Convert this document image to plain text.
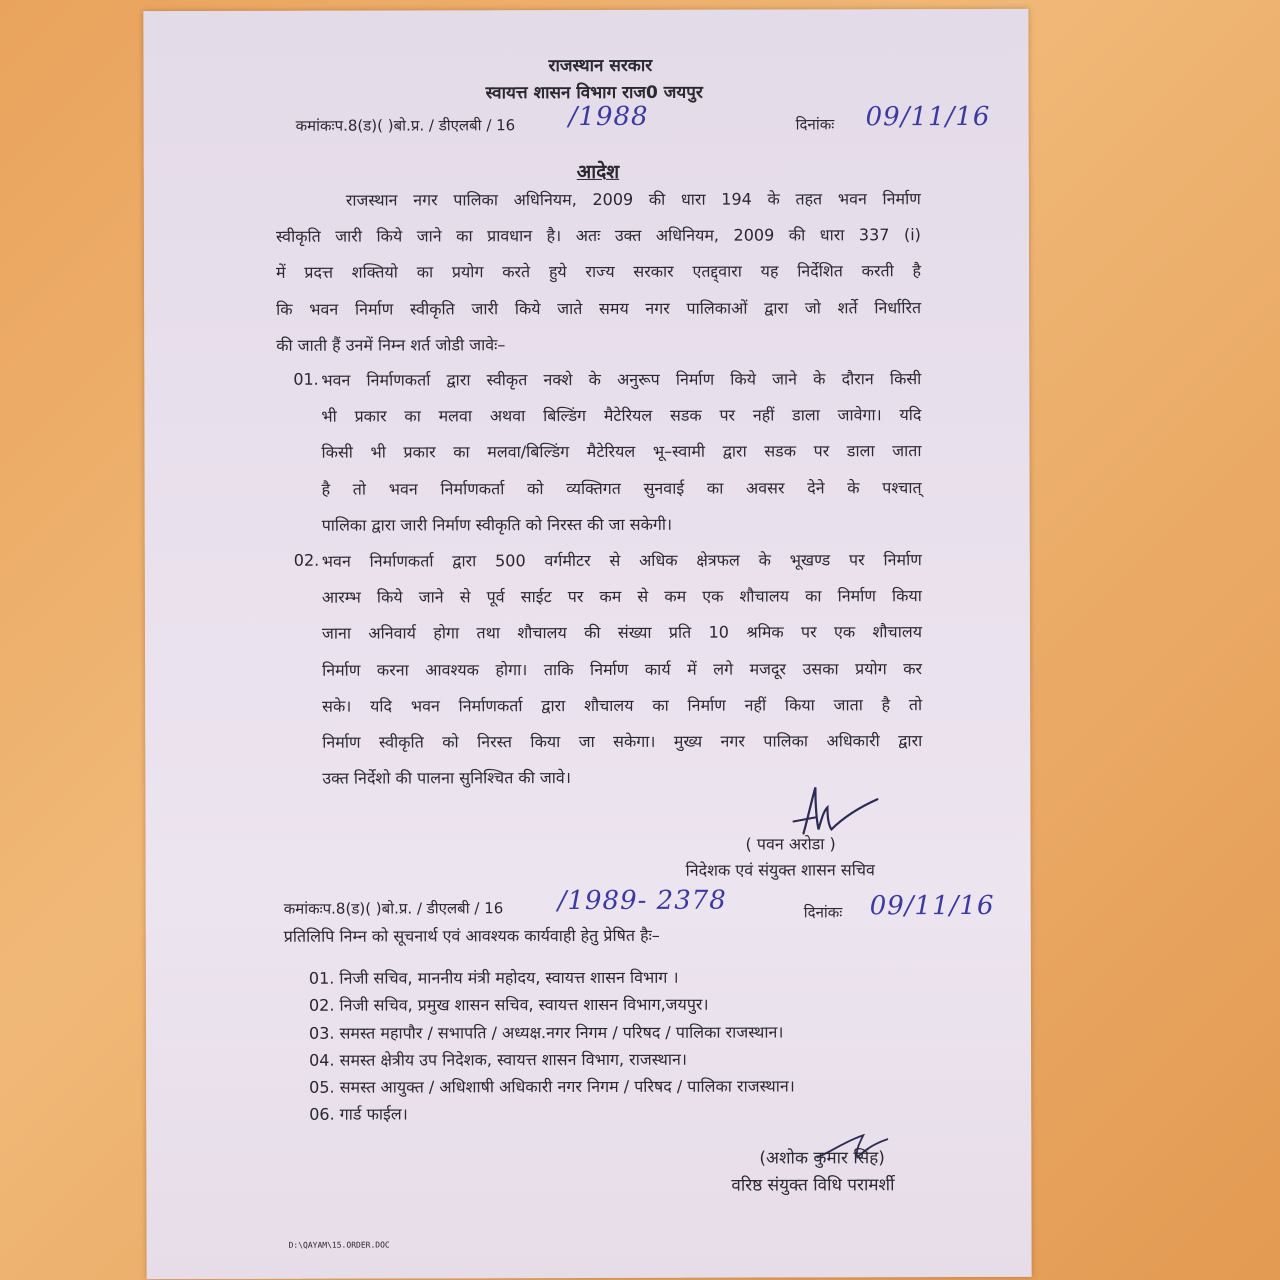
राजस्थान सरकार
स्वायत्त शासन विभाग राज0 जयपुर
कमांकःप.8(ड)( )बो.प्र. / डीएलबी / 16 /1988	दिनांकः 09/11/16
आदेश
राजस्थान नगर पालिका अधिनियम, 2009 की धारा 194 के तहत भवन निर्माण
स्वीकृति जारी किये जाने का प्रावधान है। अतः उक्त अधिनियम, 2009 की धारा 337 (i)
में प्रदत्त शक्तियो का प्रयोग करते हुये राज्य सरकार एतद्द्वारा यह निर्देशित करती है
कि भवन निर्माण स्वीकृति जारी किये जाते समय नगर पालिकाओं द्वारा जो शर्ते निर्धारित
की जाती हैं उनमें निम्न शर्त जोडी जावेः–
01. भवन निर्माणकर्ता द्वारा स्वीकृत नक्शे के अनुरूप निर्माण किये जाने के दौरान किसी
भी प्रकार का मलवा अथवा बिल्डिंग मैटेरियल सडक पर नहीं डाला जावेगा। यदि
किसी भी प्रकार का मलवा/बिल्डिंग मैटेरियल भू–स्वामी द्वारा सडक पर डाला जाता
है तो भवन निर्माणकर्ता को व्यक्तिगत सुनवाई का अवसर देने के पश्चात्
पालिका द्वारा जारी निर्माण स्वीकृति को निरस्त की जा सकेगी।
02. भवन निर्माणकर्ता द्वारा 500 वर्गमीटर से अधिक क्षेत्रफल के भूखण्ड पर निर्माण
आरम्भ किये जाने से पूर्व साईट पर कम से कम एक शौचालय का निर्माण किया
जाना अनिवार्य होगा तथा शौचालय की संख्या प्रति 10 श्रमिक पर एक शौचालय
निर्माण करना आवश्यक होगा। ताकि निर्माण कार्य में लगे मजदूर उसका प्रयोग कर
सके। यदि भवन निर्माणकर्ता द्वारा शौचालय का निर्माण नहीं किया जाता है तो
निर्माण स्वीकृति को निरस्त किया जा सकेगा। मुख्य नगर पालिका अधिकारी द्वारा
उक्त निर्देशो की पालना सुनिश्चित की जावे।
( पवन अरोडा )
निदेशक एवं संयुक्त शासन सचिव
कमांकःप.8(ड)( )बो.प्र. / डीएलबी / 16 /1989- 2378	दिनांकः 09/11/16
प्रतिलिपि निम्न को सूचनार्थ एवं आवश्यक कार्यवाही हेतु प्रेषित हैः–
01. निजी सचिव, माननीय मंत्री महोदय, स्वायत्त शासन विभाग ।
02. निजी सचिव, प्रमुख शासन सचिव, स्वायत्त शासन विभाग,जयपुर।
03. समस्त महापौर / सभापति / अध्यक्ष.नगर निगम / परिषद / पालिका राजस्थान।
04. समस्त क्षेत्रीय उप निदेशक, स्वायत्त शासन विभाग, राजस्थान।
05. समस्त आयुक्त / अधिशाषी अधिकारी नगर निगम / परिषद / पालिका राजस्थान।
06. गार्ड फाईल।
(अशोक कुमार सिंह)
वरिष्ठ संयुक्त विधि परामर्शी
D:\QAYAM\15.ORDER.DOC
